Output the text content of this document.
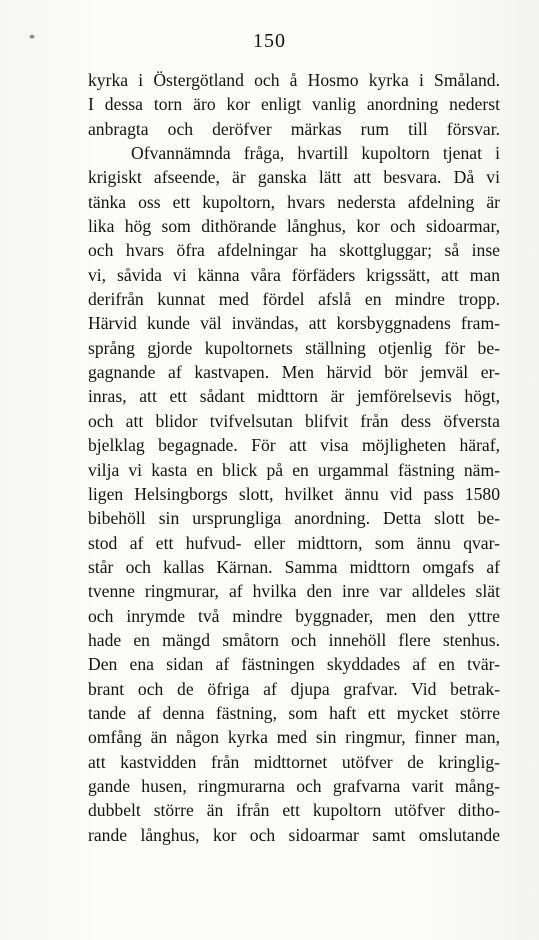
*	150
kyrka i Östergötland och å Hosmo kyrka i Småland.
I dessa torn äro kor enligt vanlig anordning nederst
anbragta och deröfver märkas rum till försvar.
Ofvannämnda fråga, hvartill kupoltorn tjenat i
krigiskt afseende, är ganska lätt att besvara. Då vi
tänka oss ett kupoltorn, hvars nedersta afdelning är
lika hög som dithörande långhus, kor och sidoarmar,
och hvars öfra afdelningar ha skottgluggar; så inse
vi, såvida vi känna våra förfäders krigssätt, att man
derifrån kunnat med fördel afslå en mindre tropp.
Härvid kunde väl invändas, att korsbyggnadens fram-
språng gjorde kupoltornets ställning otjenlig för be-
gagnande af kastvapen. Men härvid bör jemväl er-
inras, att ett sådant midttorn är jemförelsevis högt,
och att blidor tvifvelsutan blifvit från dess öfversta
bjelklag begagnade. För att visa möjligheten häraf,
vilja vi kasta en blick på en urgammal fästning näm-
ligen Helsingborgs slott, hvilket ännu vid pass 1580
bibehöll sin ursprungliga anordning. Detta slott be-
stod af ett hufvud- eller midttorn, som ännu qvar-
står och kallas Kärnan. Samma midttorn omgafs af
tvenne ringmurar, af hvilka den inre var alldeles slät
och inrymde två mindre byggnader, men den yttre
hade en mängd småtorn och innehöll flere stenhus.
Den ena sidan af fästningen skyddades af en tvär-
brant och de öfriga af djupa grafvar. Vid betrak-
tande af denna fästning, som haft ett mycket större
omfång än någon kyrka med sin ringmur, finner man,
att kastvidden från midttornet utöfver de kringlig-
gande husen, ringmurarna och grafvarna varit mång-
dubbelt större än ifrån ett kupoltorn utöfver ditho-
rande långhus, kor och sidoarmar samt omslutande
